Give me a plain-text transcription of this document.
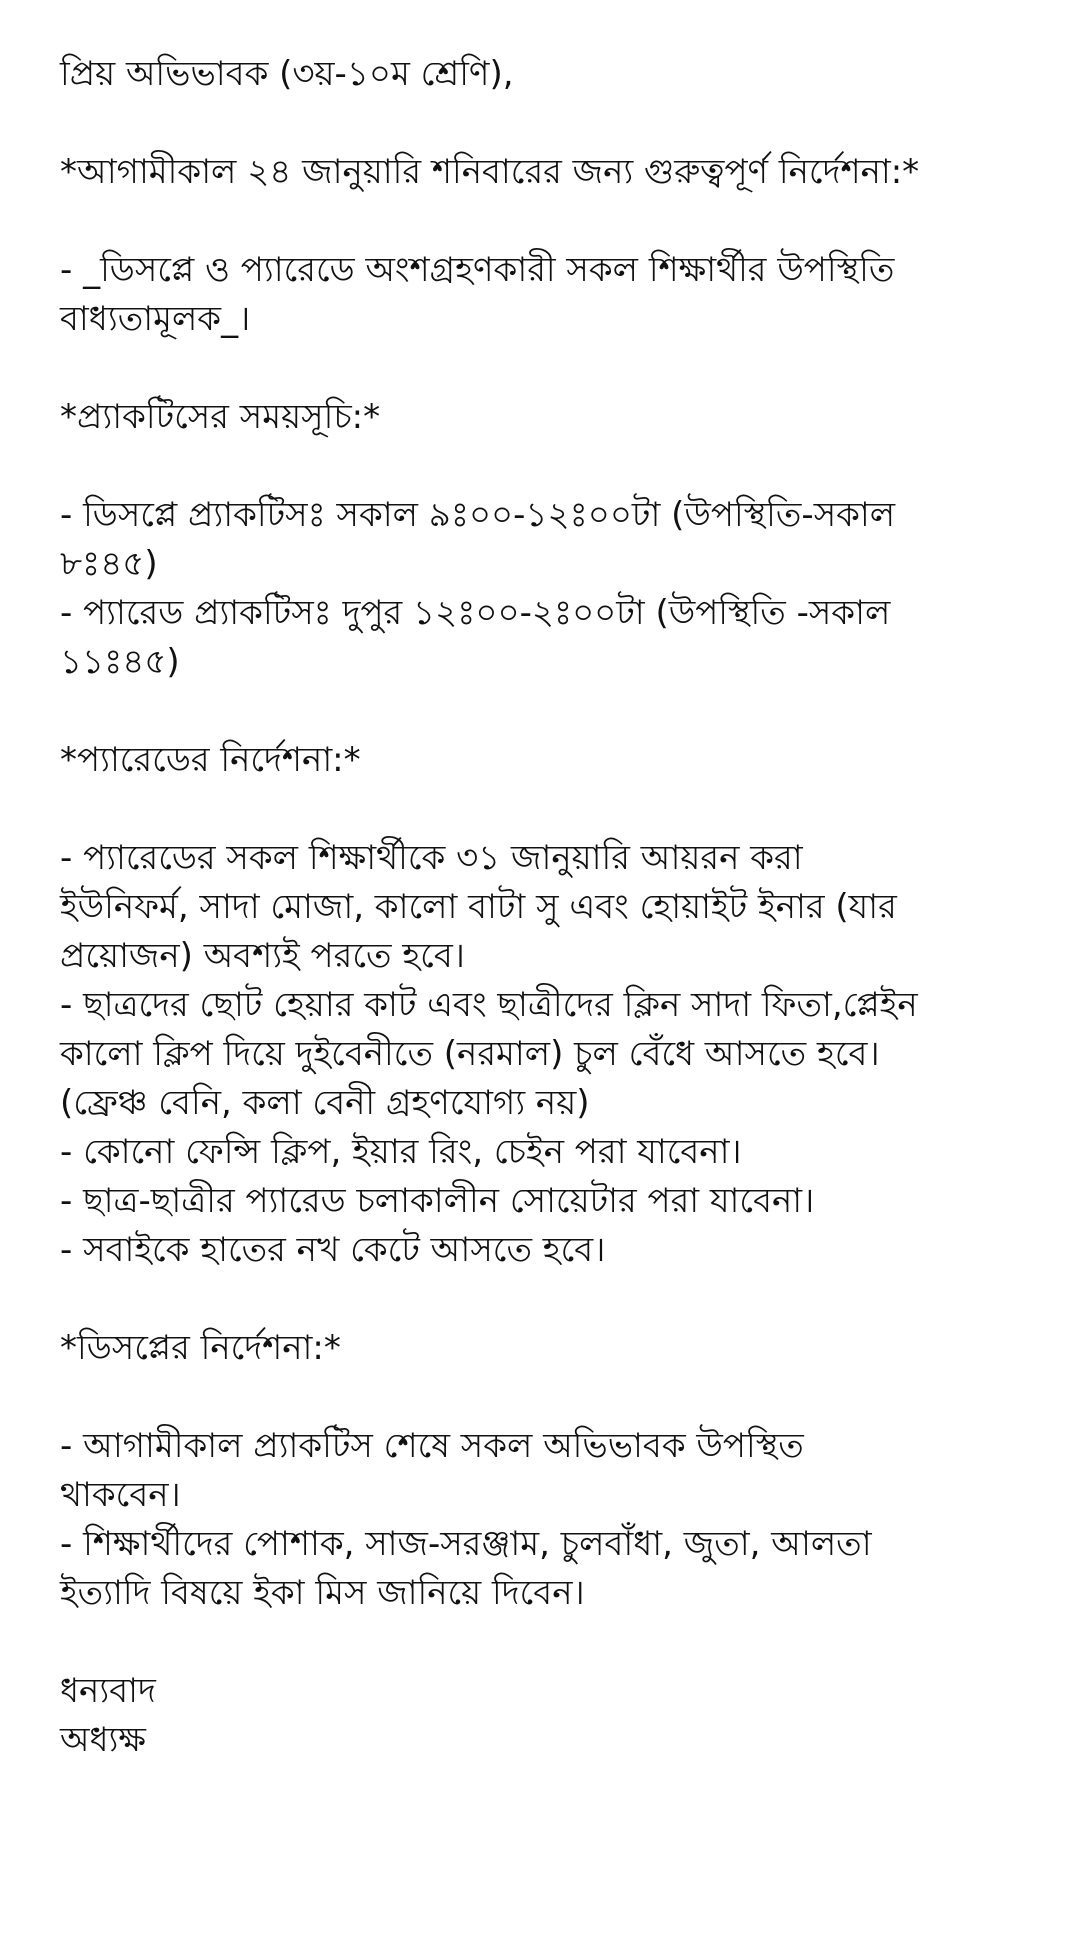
প্রিয় অভিভাবক (৩য়-১০ম শ্রেণি),
*আগামীকাল ২৪ জানুয়ারি শনিবারের জন্য গুরুত্বপূর্ণ নির্দেশনা:*
- _ডিসপ্লে ও প্যারেডে অংশগ্রহণকারী সকল শিক্ষার্থীর উপস্থিতি
বাধ্যতামূলক_।
*প্র্যাকটিসের সময়সূচি:*
- ডিসপ্লে প্র্যাকটিসঃ সকাল ৯ঃ০০-১২ঃ০০টা (উপস্থিতি-সকাল
৮ঃ৪৫)
- প্যারেড প্র্যাকটিসঃ দুপুর ১২ঃ০০-২ঃ০০টা (উপস্থিতি -সকাল
১১ঃ৪৫)
*প্যারেডের নির্দেশনা:*
- প্যারেডের সকল শিক্ষার্থীকে ৩১ জানুয়ারি আয়রন করা
ইউনিফর্ম, সাদা মোজা, কালো বাটা সু এবং হোয়াইট ইনার (যার
প্রয়োজন) অবশ্যই পরতে হবে।
- ছাত্রদের ছোট হেয়ার কাট এবং ছাত্রীদের ক্লিন সাদা ফিতা,প্লেইন
কালো ক্লিপ দিয়ে দুইবেনীতে (নরমাল) চুল বেঁধে আসতে হবে।
(ফ্রেঞ্চ বেনি, কলা বেনী গ্রহণযোগ্য নয়)
- কোনো ফেন্সি ক্লিপ, ইয়ার রিং, চেইন পরা যাবেনা।
- ছাত্র-ছাত্রীর প্যারেড চলাকালীন সোয়েটার পরা যাবেনা।
- সবাইকে হাতের নখ কেটে আসতে হবে।
*ডিসপ্লের নির্দেশনা:*
- আগামীকাল প্র্যাকটিস শেষে সকল অভিভাবক উপস্থিত
থাকবেন।
- শিক্ষার্থীদের পোশাক, সাজ-সরঞ্জাম, চুলবাঁধা, জুতা, আলতা
ইত্যাদি বিষয়ে ইকা মিস জানিয়ে দিবেন।
ধন্যবাদ
অধ্যক্ষ
